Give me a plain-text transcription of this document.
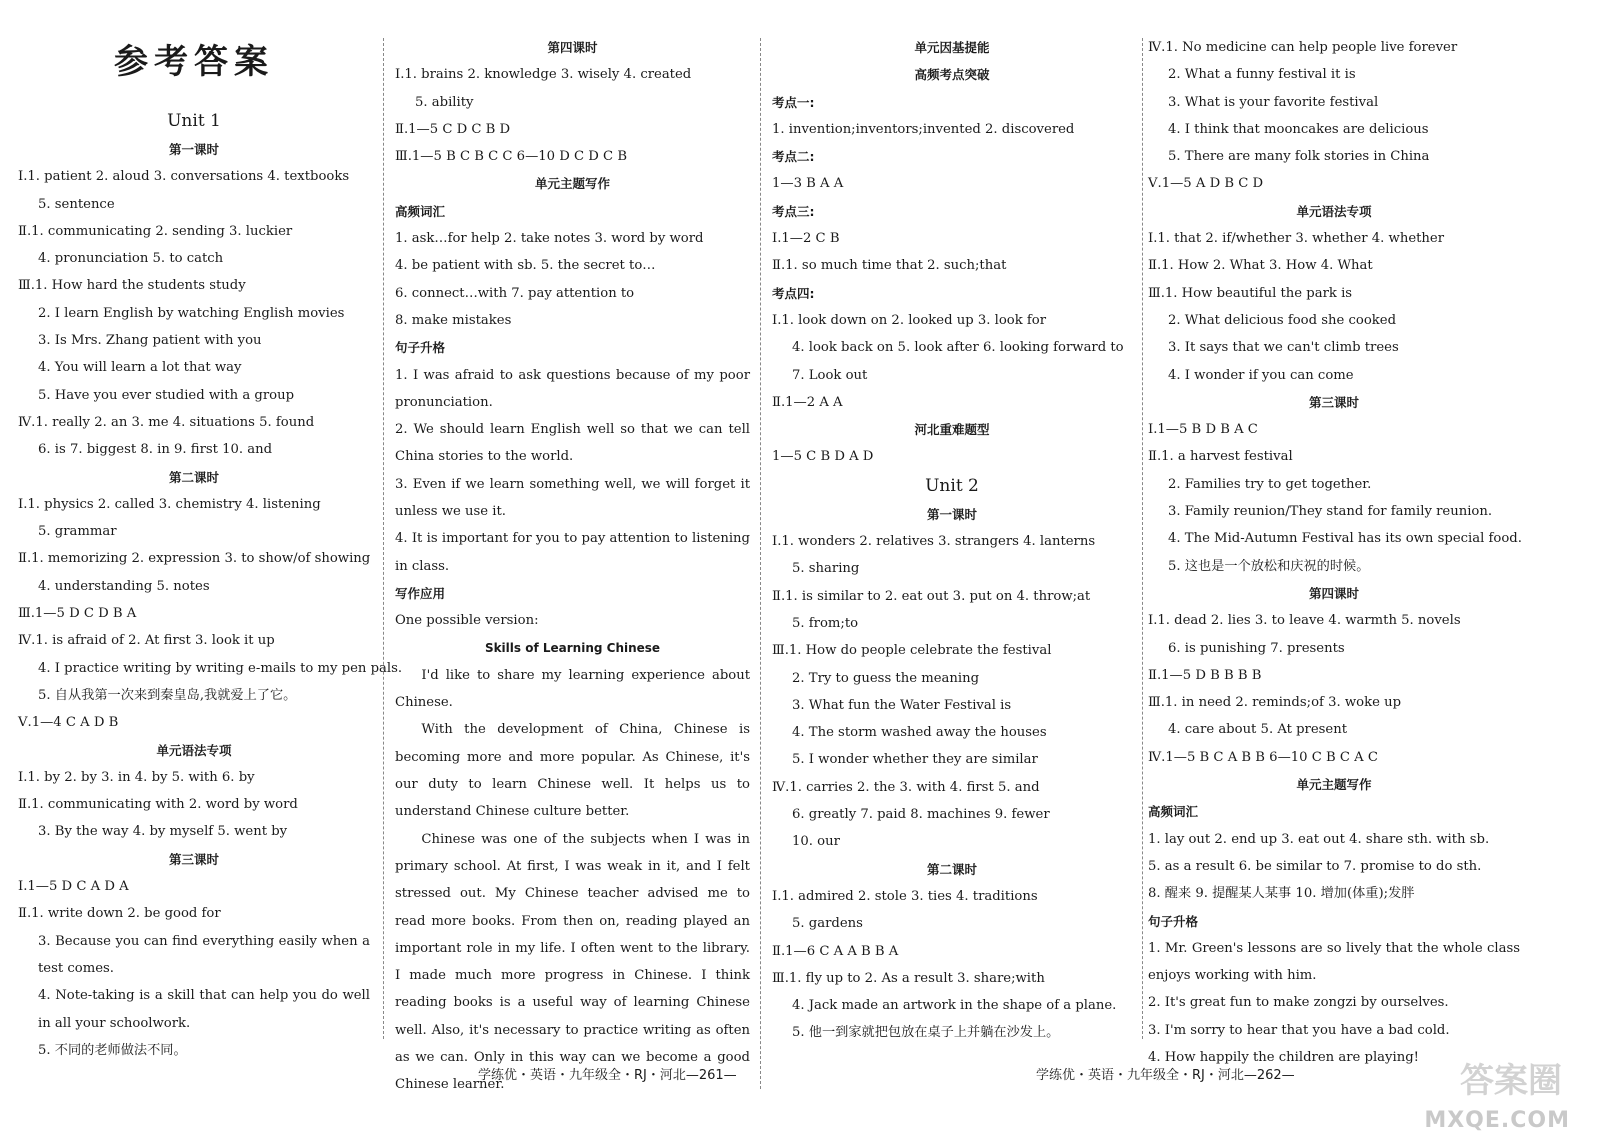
参考答案

Unit 1

第一课时

Ⅰ.1. patient 2. aloud 3. conversations 4. textbooks

5. sentence

Ⅱ.1. communicating 2. sending 3. luckier

4. pronunciation 5. to catch

Ⅲ.1. How hard the students study

2. I learn English by watching English movies

3. Is Mrs. Zhang patient with you

4. You will learn a lot that way

5. Have you ever studied with a group

Ⅳ.1. really 2. an 3. me 4. situations 5. found

6. is 7. biggest 8. in 9. first 10. and

第二课时

Ⅰ.1. physics 2. called 3. chemistry 4. listening

5. grammar

Ⅱ.1. memorizing 2. expression 3. to show/of showing

4. understanding 5. notes

Ⅲ.1—5 D C D B A

Ⅳ.1. is afraid of 2. At first 3. look it up

4. I practice writing by writing e-mails to my pen pals.

5. 自从我第一次来到秦皇岛,我就爱上了它。

Ⅴ.1—4 C A D B

单元语法专项

Ⅰ.1. by 2. by 3. in 4. by 5. with 6. by

Ⅱ.1. communicating with 2. word by word

3. By the way 4. by myself 5. went by

第三课时

Ⅰ.1—5 D C A D A

Ⅱ.1. write down 2. be good for

3. Because you can find everything easily when a test comes.

4. Note-taking is a skill that can help you do well in all your schoolwork.

5. 不同的老师做法不同。

第四课时

Ⅰ.1. brains 2. knowledge 3. wisely 4. created

5. ability

Ⅱ.1—5 C D C B D

Ⅲ.1—5 B C B C C 6—10 D C D C B

单元主题写作

高频词汇

1. ask…for help 2. take notes 3. word by word

4. be patient with sb. 5. the secret to…

6. connect…with 7. pay attention to

8. make mistakes

句子升格

1. I was afraid to ask questions because of my poor pronunciation.

2. We should learn English well so that we can tell China stories to the world.

3. Even if we learn something well, we will forget it unless we use it.

4. It is important for you to pay attention to listening in class.

写作应用

One possible version:

Skills of Learning Chinese

I'd like to share my learning experience about Chinese.

With the development of China, Chinese is becoming more and more popular. As Chinese, it's our duty to learn Chinese well. It helps us to understand Chinese culture better.

Chinese was one of the subjects when I was in primary school. At first, I was weak in it, and I felt stressed out. My Chinese teacher advised me to read more books. From then on, reading played an important role in my life. I often went to the library. I made much more progress in Chinese. I think reading books is a useful way of learning Chinese well. Also, it's necessary to practice writing as often as we can. Only in this way can we become a good Chinese learner.

学练优・英语・九年级全・RJ・河北—261—

单元因基提能

高频考点突破

考点一:

1. invention;inventors;invented 2. discovered

考点二:

1—3 B A A

考点三:

Ⅰ.1—2 C B

Ⅱ.1. so much time that 2. such;that

考点四:

Ⅰ.1. look down on 2. looked up 3. look for

4. look back on 5. look after 6. looking forward to

7. Look out

Ⅱ.1—2 A A

河北重难题型

1—5 C B D A D

Unit 2

第一课时

Ⅰ.1. wonders 2. relatives 3. strangers 4. lanterns

5. sharing

Ⅱ.1. is similar to 2. eat out 3. put on 4. throw;at

5. from;to

Ⅲ.1. How do people celebrate the festival

2. Try to guess the meaning

3. What fun the Water Festival is

4. The storm washed away the houses

5. I wonder whether they are similar

Ⅳ.1. carries 2. the 3. with 4. first 5. and

6. greatly 7. paid 8. machines 9. fewer

10. our

第二课时

Ⅰ.1. admired 2. stole 3. ties 4. traditions

5. gardens

Ⅱ.1—6 C A A B B A

Ⅲ.1. fly up to 2. As a result 3. share;with

4. Jack made an artwork in the shape of a plane.

5. 他一到家就把包放在桌子上并躺在沙发上。

Ⅳ.1. No medicine can help people live forever

2. What a funny festival it is

3. What is your favorite festival

4. I think that mooncakes are delicious

5. There are many folk stories in China

Ⅴ.1—5 A D B C D

单元语法专项

Ⅰ.1. that 2. if/whether 3. whether 4. whether

Ⅱ.1. How 2. What 3. How 4. What

Ⅲ.1. How beautiful the park is

2. What delicious food she cooked

3. It says that we can't climb trees

4. I wonder if you can come

第三课时

Ⅰ.1—5 B D B A C

Ⅱ.1. a harvest festival

2. Families try to get together.

3. Family reunion/They stand for family reunion.

4. The Mid-Autumn Festival has its own special food.

5. 这也是一个放松和庆祝的时候。

第四课时

Ⅰ.1. dead 2. lies 3. to leave 4. warmth 5. novels

6. is punishing 7. presents

Ⅱ.1—5 D B B B B

Ⅲ.1. in need 2. reminds;of 3. woke up

4. care about 5. At present

Ⅳ.1—5 B C A B B 6—10 C B C A C

单元主题写作

高频词汇

1. lay out 2. end up 3. eat out 4. share sth. with sb.

5. as a result 6. be similar to 7. promise to do sth.

8. 醒来 9. 提醒某人某事 10. 增加(体重);发胖

句子升格

1. Mr. Green's lessons are so lively that the whole class enjoys working with him.

2. It's great fun to make zongzi by ourselves.

3. I'm sorry to hear that you have a bad cold.

4. How happily the children are playing!

学练优・英语・九年级全・RJ・河北—262—	答案圈
MXQE.COM
